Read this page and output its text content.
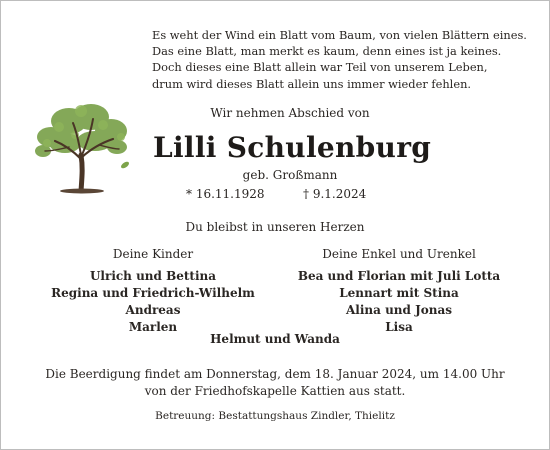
Es weht der Wind ein Blatt vom Baum, von vielen Blättern eines.
Das eine Blatt, man merkt es kaum, denn eines ist ja keines.
Doch dieses eine Blatt allein war Teil von unserem Leben,
drum wird dieses Blatt allein uns immer wieder fehlen.
Wir nehmen Abschied von
Lilli Schulenburg
geb. Großmann
* 16.11.1928	† 9.1.2024
Du bleibst in unseren Herzen
Deine Kinder
Ulrich und Bettina
Regina und Friedrich-Wilhelm
Andreas
Marlen
Deine Enkel und Urenkel
Bea und Florian mit Juli Lotta
Lennart mit Stina
Alina und Jonas
Lisa
Helmut und Wanda
Die Beerdigung findet am Donnerstag, dem 18. Januar 2024, um 14.00 Uhr
von der Friedhofskapelle Kattien aus statt.
Betreuung: Bestattungshaus Zindler, Thielitz
